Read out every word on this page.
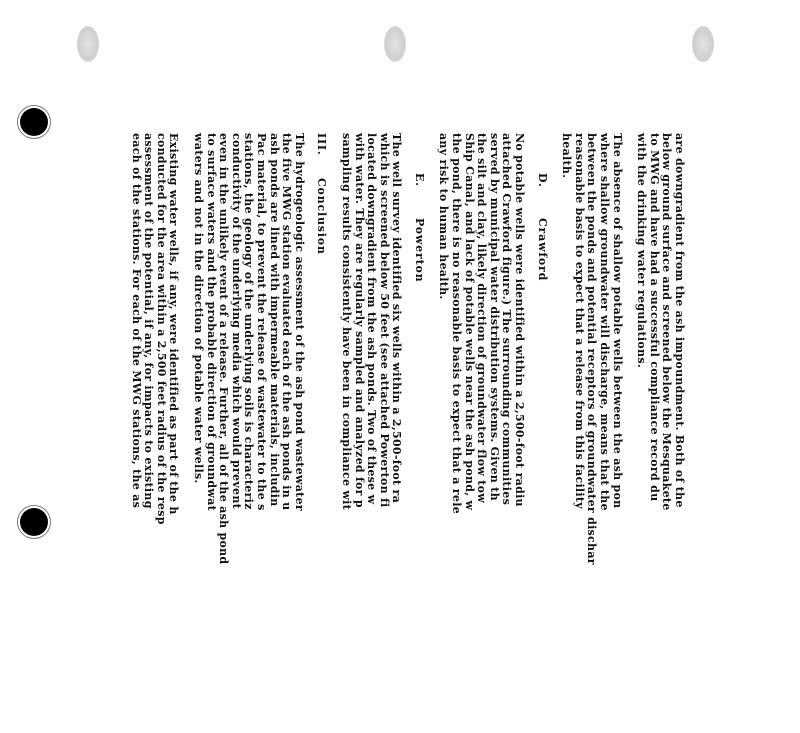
are downgradient from the ash impoundment. Both of the
below ground surface and screened below the Mesquakete
to MWG and have had a successful compliance record du
with the drinking water regulations.

The absence of shallow potable wells between the ash pon
where shallow groundwater will discharge, means that the
between the ponds and potential receptors of groundwater dischar
reasonable basis to expect that a release from this facility
health.

D.Crawford

No potable wells were identified within a 2,500-foot radiu
attached Crawford figure.) The surrounding communities
served by municipal water distribution systems. Given th
the silt and clay, likely direction of groundwater flow tow
Ship Canal, and lack of potable wells near the ash pond, w
the pond, there is no reasonable basis to expect that a rele
any risk to human health.

E.Powerton

The well survey identified six wells within a 2,500-foot ra
which is screened below 50 feet (see attached Powerton fi
located downgradient from the ash ponds. Two of these w
with water. They are regularly sampled and analyzed for p
sampling results consistently have been in compliance wit

III.Conclusion

The hydrogeologic assessment of the ash pond wastewater
the five MWG station evaluated each of the ash ponds in u
ash ponds are lined with impermeable materials, includin
Pac material, to prevent the release of wastewater to the s
stations, the geology of the underlying soils is characteriz
conductivity of the underlying media which would prevent
even in the unlikely event of a release. Further, all of the ash pond
to surface waters and the probable direction of groundwat
waters and not in the direction of potable water wells.

Existing water wells, if any, were identified as part of the h
conducted for the area within a 2,500 feet radius of the resp
assessment of the potential, if any, for impacts to existing
each of the stations. For each of the MWG stations, the as
